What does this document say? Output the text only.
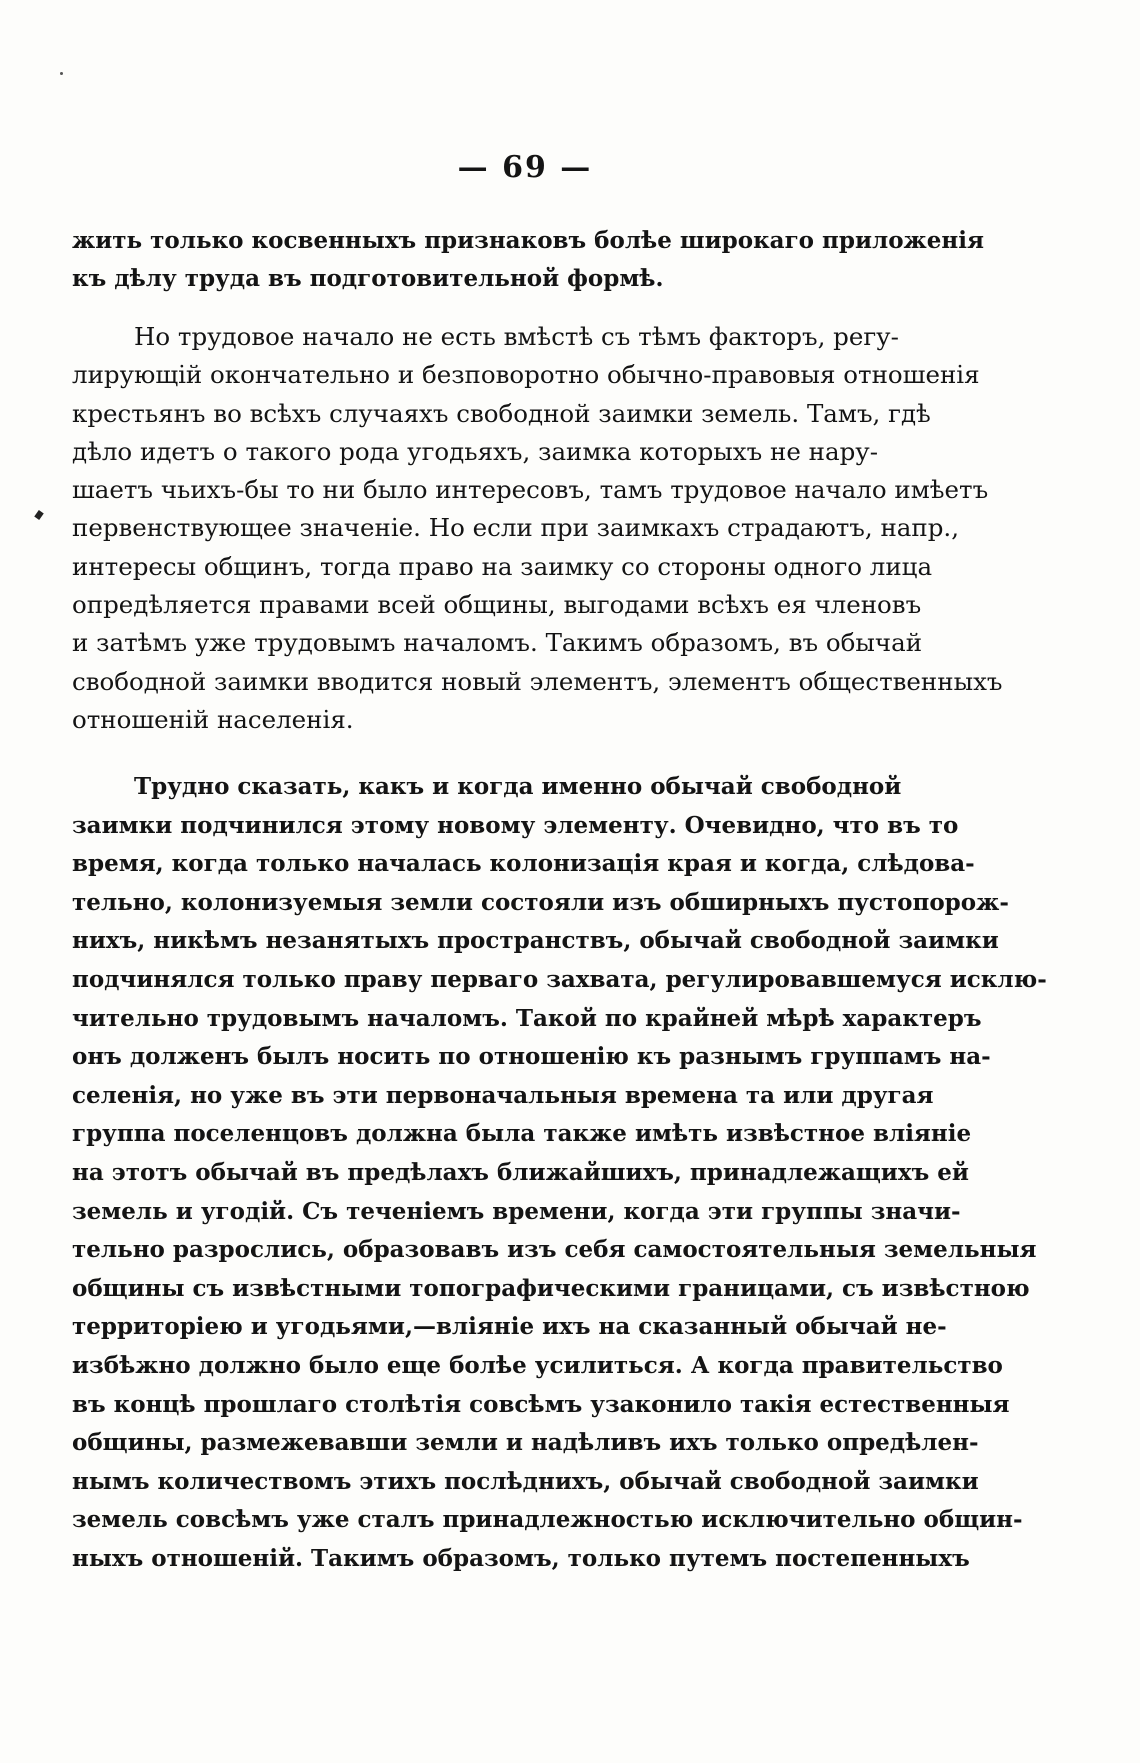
— 69 —

жить только косвенныхъ признаковъ болѣе широкаго приложенія
къ дѣлу труда въ подготовительной формѣ.

Но трудовое начало не есть вмѣстѣ съ тѣмъ факторъ, регу-
лирующій окончательно и безповоротно обычно-правовыя отношенія
крестьянъ во всѣхъ случаяхъ свободной заимки земель. Тамъ, гдѣ
дѣло идетъ о такого рода угодьяхъ, заимка которыхъ не нару-
шаетъ чьихъ-бы то ни было интересовъ, тамъ трудовое начало имѣетъ
первенствующее значеніе. Но если при заимкахъ страдаютъ, напр.,
интересы общинъ, тогда право на заимку со стороны одного лица
опредѣляется правами всей общины, выгодами всѣхъ ея членовъ
и затѣмъ уже трудовымъ началомъ. Такимъ образомъ, въ обычай
свободной заимки вводится новый элементъ, элементъ общественныхъ
отношеній населенія.

Трудно сказать, какъ и когда именно обычай свободной
заимки подчинился этому новому элементу. Очевидно, что въ то
время, когда только началась колонизація края и когда, слѣдова-
тельно, колонизуемыя земли состояли изъ обширныхъ пустопорож-
нихъ, никѣмъ незанятыхъ пространствъ, обычай свободной заимки
подчинялся только праву перваго захвата, регулировавшемуся исклю-
чительно трудовымъ началомъ. Такой по крайней мѣрѣ характеръ
онъ долженъ былъ носить по отношенію къ разнымъ группамъ на-
селенія, но уже въ эти первоначальныя времена та или другая
группа поселенцовъ должна была также имѣть извѣстное вліяніе
на этотъ обычай въ предѣлахъ ближайшихъ, принадлежащихъ ей
земель и угодій. Съ теченіемъ времени, когда эти группы значи-
тельно разрослись, образовавъ изъ себя самостоятельныя земельныя
общины съ извѣстными топографическими границами, съ извѣстною
территоріею и угодьями,—вліяніе ихъ на сказанный обычай не-
избѣжно должно было еще болѣе усилиться. А когда правительство
въ концѣ прошлаго столѣтія совсѣмъ узаконило такія естественныя
общины, размежевавши земли и надѣливъ ихъ только опредѣлен-
нымъ количествомъ этихъ послѣднихъ, обычай свободной заимки
земель совсѣмъ уже сталъ принадлежностью исключительно общин-
ныхъ отношеній. Такимъ образомъ, только путемъ постепенныхъ
